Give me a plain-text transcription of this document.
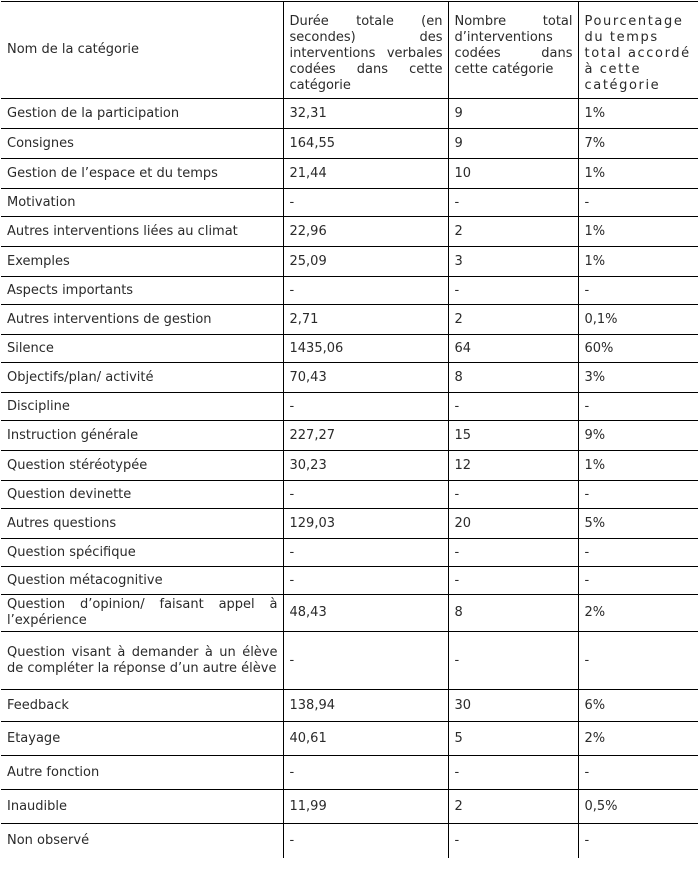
Nom de la catégorie	Durée totale (en secondes) des interventions verbales codées dans cette catégorie	Nombre total d’interventions codées dans cette catégorie	Pourcentage du temps total accordé à cette catégorie
Gestion de la participation	32,31	9	1%
Consignes	164,55	9	7%
Gestion de l’espace et du temps	21,44	10	1%
Motivation	-	-	-
Autres interventions liées au climat	22,96	2	1%
Exemples	25,09	3	1%
Aspects importants	-	-	-
Autres interventions de gestion	2,71	2	0,1%
Silence	1435,06	64	60%
Objectifs/plan/ activité	70,43	8	3%
Discipline	-	-	-
Instruction générale	227,27	15	9%
Question stéréotypée	30,23	12	1%
Question devinette	-	-	-
Autres questions	129,03	20	5%
Question spécifique	-	-	-
Question métacognitive	-	-	-
Question d’opinion/ faisant appel à l’expérience	48,43	8	2%
Question visant à demander à un élève de compléter la réponse d’un autre élève	-	-	-
Feedback	138,94	30	6%
Etayage	40,61	5	2%
Autre fonction	-	-	-
Inaudible	11,99	2	0,5%
Non observé	-	-	-
